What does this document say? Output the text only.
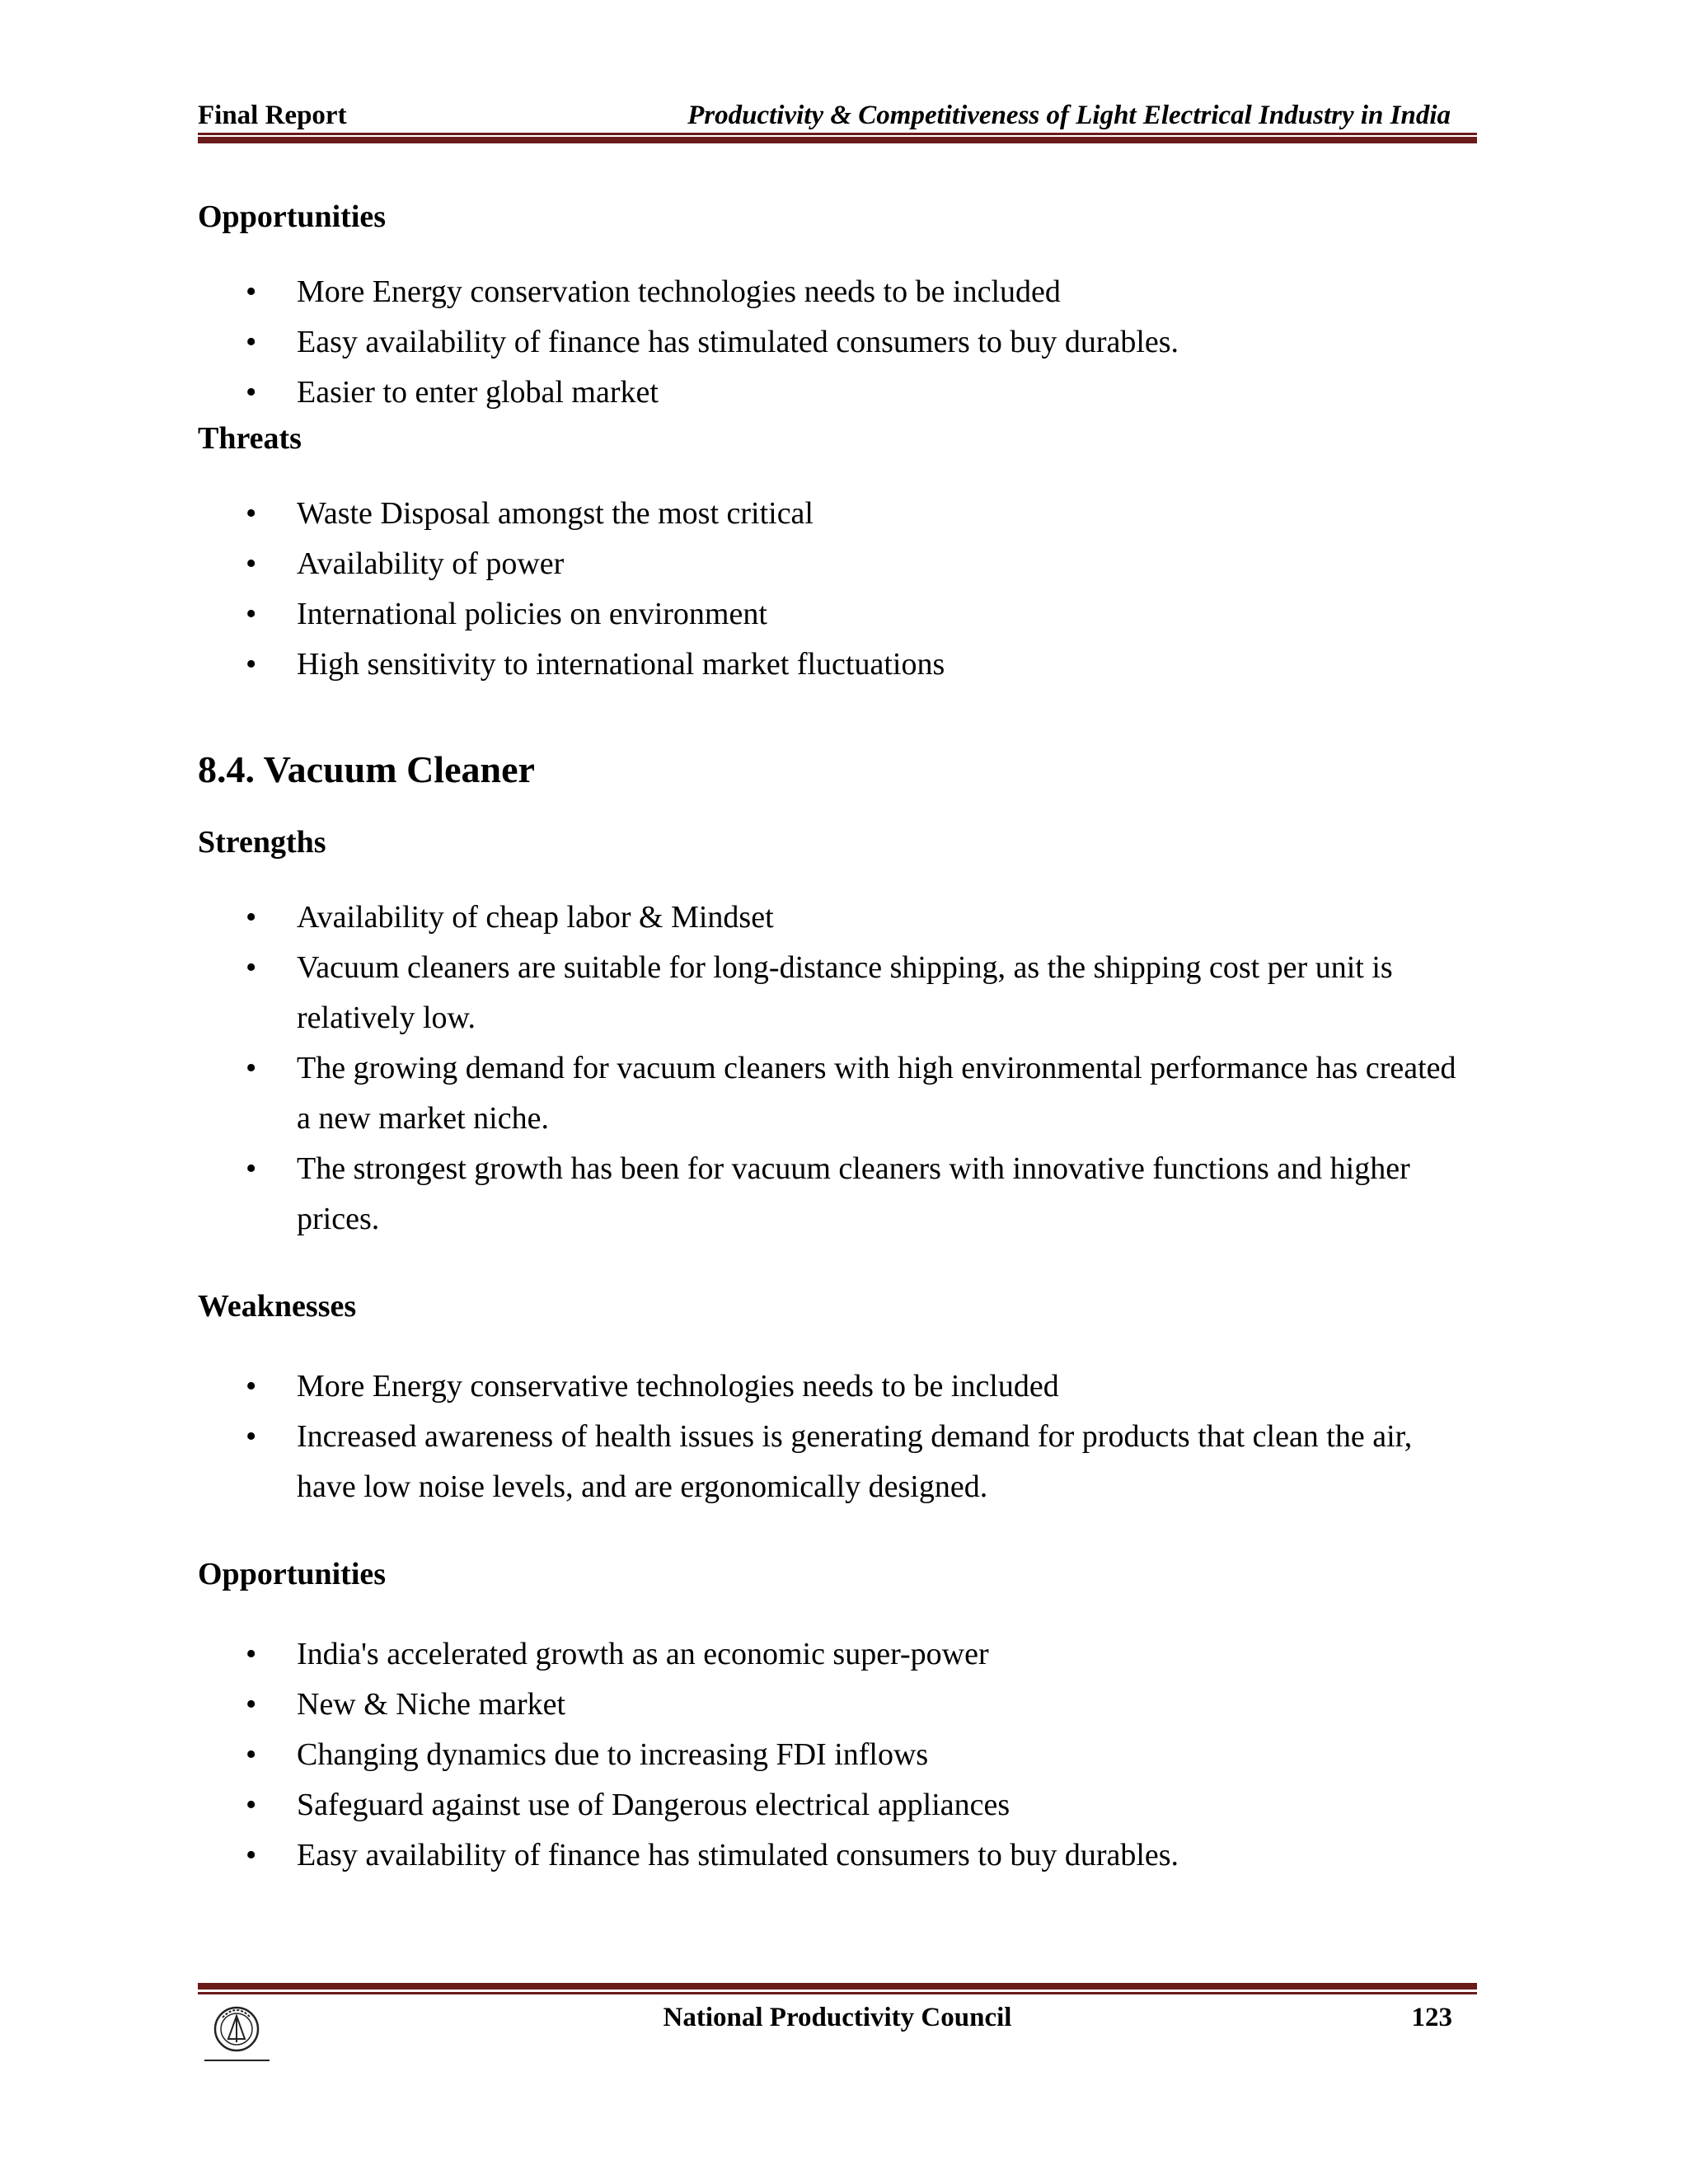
Final Report	Productivity & Competitiveness of Light Electrical Industry in India
Opportunities
• More Energy conservation technologies needs to be included
• Easy availability of finance has stimulated consumers to buy durables.
• Easier to enter global market
Threats
• Waste Disposal amongst the most critical
• Availability of power
• International policies on environment
• High sensitivity to international market fluctuations
8.4. Vacuum Cleaner
Strengths
• Availability of cheap labor & Mindset
• Vacuum cleaners are suitable for long-distance shipping, as the shipping cost per unit is relatively low.
• The growing demand for vacuum cleaners with high environmental performance has created a new market niche.
• The strongest growth has been for vacuum cleaners with innovative functions and higher prices.
Weaknesses
• More Energy conservative technologies needs to be included
• Increased awareness of health issues is generating demand for products that clean the air, have low noise levels, and are ergonomically designed.
Opportunities
• India's accelerated growth as an economic super-power
• New & Niche market
• Changing dynamics due to increasing FDI inflows
• Safeguard against use of Dangerous electrical appliances
• Easy availability of finance has stimulated consumers to buy durables.
National Productivity Council	123
